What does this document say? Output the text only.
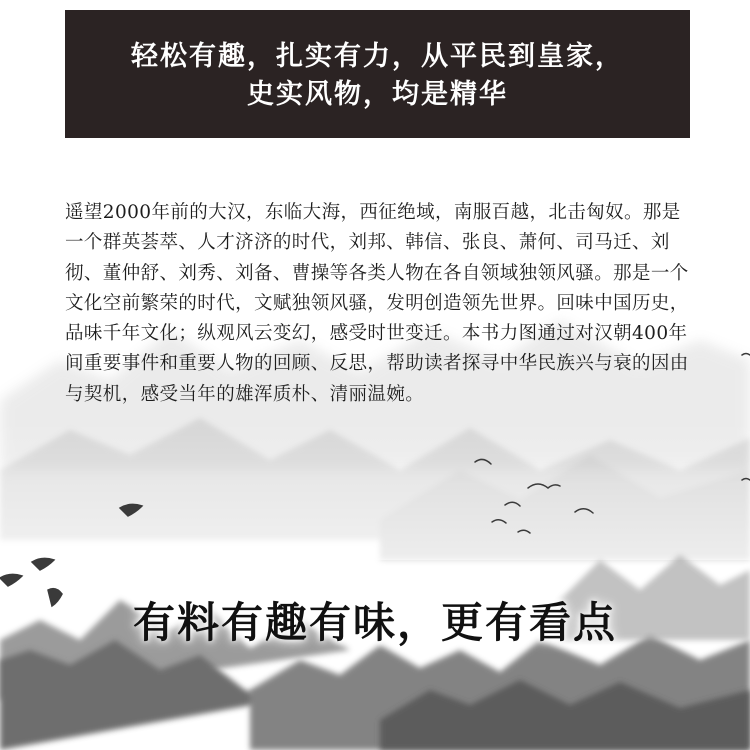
轻松有趣，扎实有力，从平民到皇家，
史实风物，均是精华

遥望2000年前的大汉，东临大海，西征绝域，南服百越，北击匈奴。那是一个群英荟萃、人才济济的时代，刘邦、韩信、张良、萧何、司马迁、刘彻、董仲舒、刘秀、刘备、曹操等各类人物在各自领域独领风骚。那是一个文化空前繁荣的时代，文赋独领风骚，发明创造领先世界。回味中国历史，品味千年文化；纵观风云变幻，感受时世变迁。本书力图通过对汉朝400年间重要事件和重要人物的回顾、反思，帮助读者探寻中华民族兴与衰的因由与契机，感受当年的雄浑质朴、清丽温婉。

有料有趣有味，更有看点
